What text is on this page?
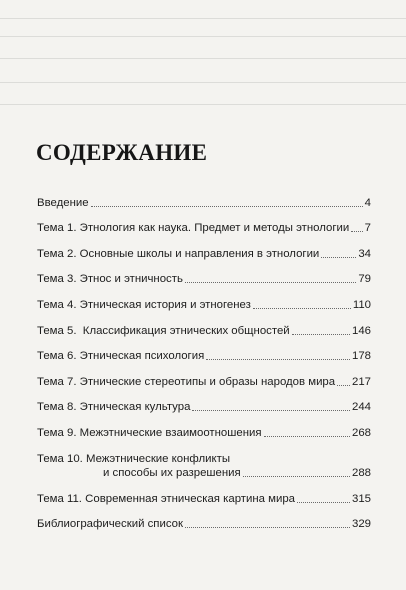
СОДЕРЖАНИЕ
Введение	4
Тема 1. Этнология как наука. Предмет и методы этнологии 7
Тема 2. Основные школы и направления в этнологии	34
Тема 3. Этнос и этничность	79
Тема 4. Этническая история и этногенез	110
Тема 5.  Классификация этнических общностей	146
Тема 6. Этническая психология	178
Тема 7. Этнические стереотипы и образы народов мира 217
Тема 8. Этническая культура	244
Тема 9. Межэтнические взаимоотношения	268
Тема 10. Межэтнические конфликты
и способы их разрешения	288
Тема 11. Современная этническая картина мира	315
Библиографический список	329
